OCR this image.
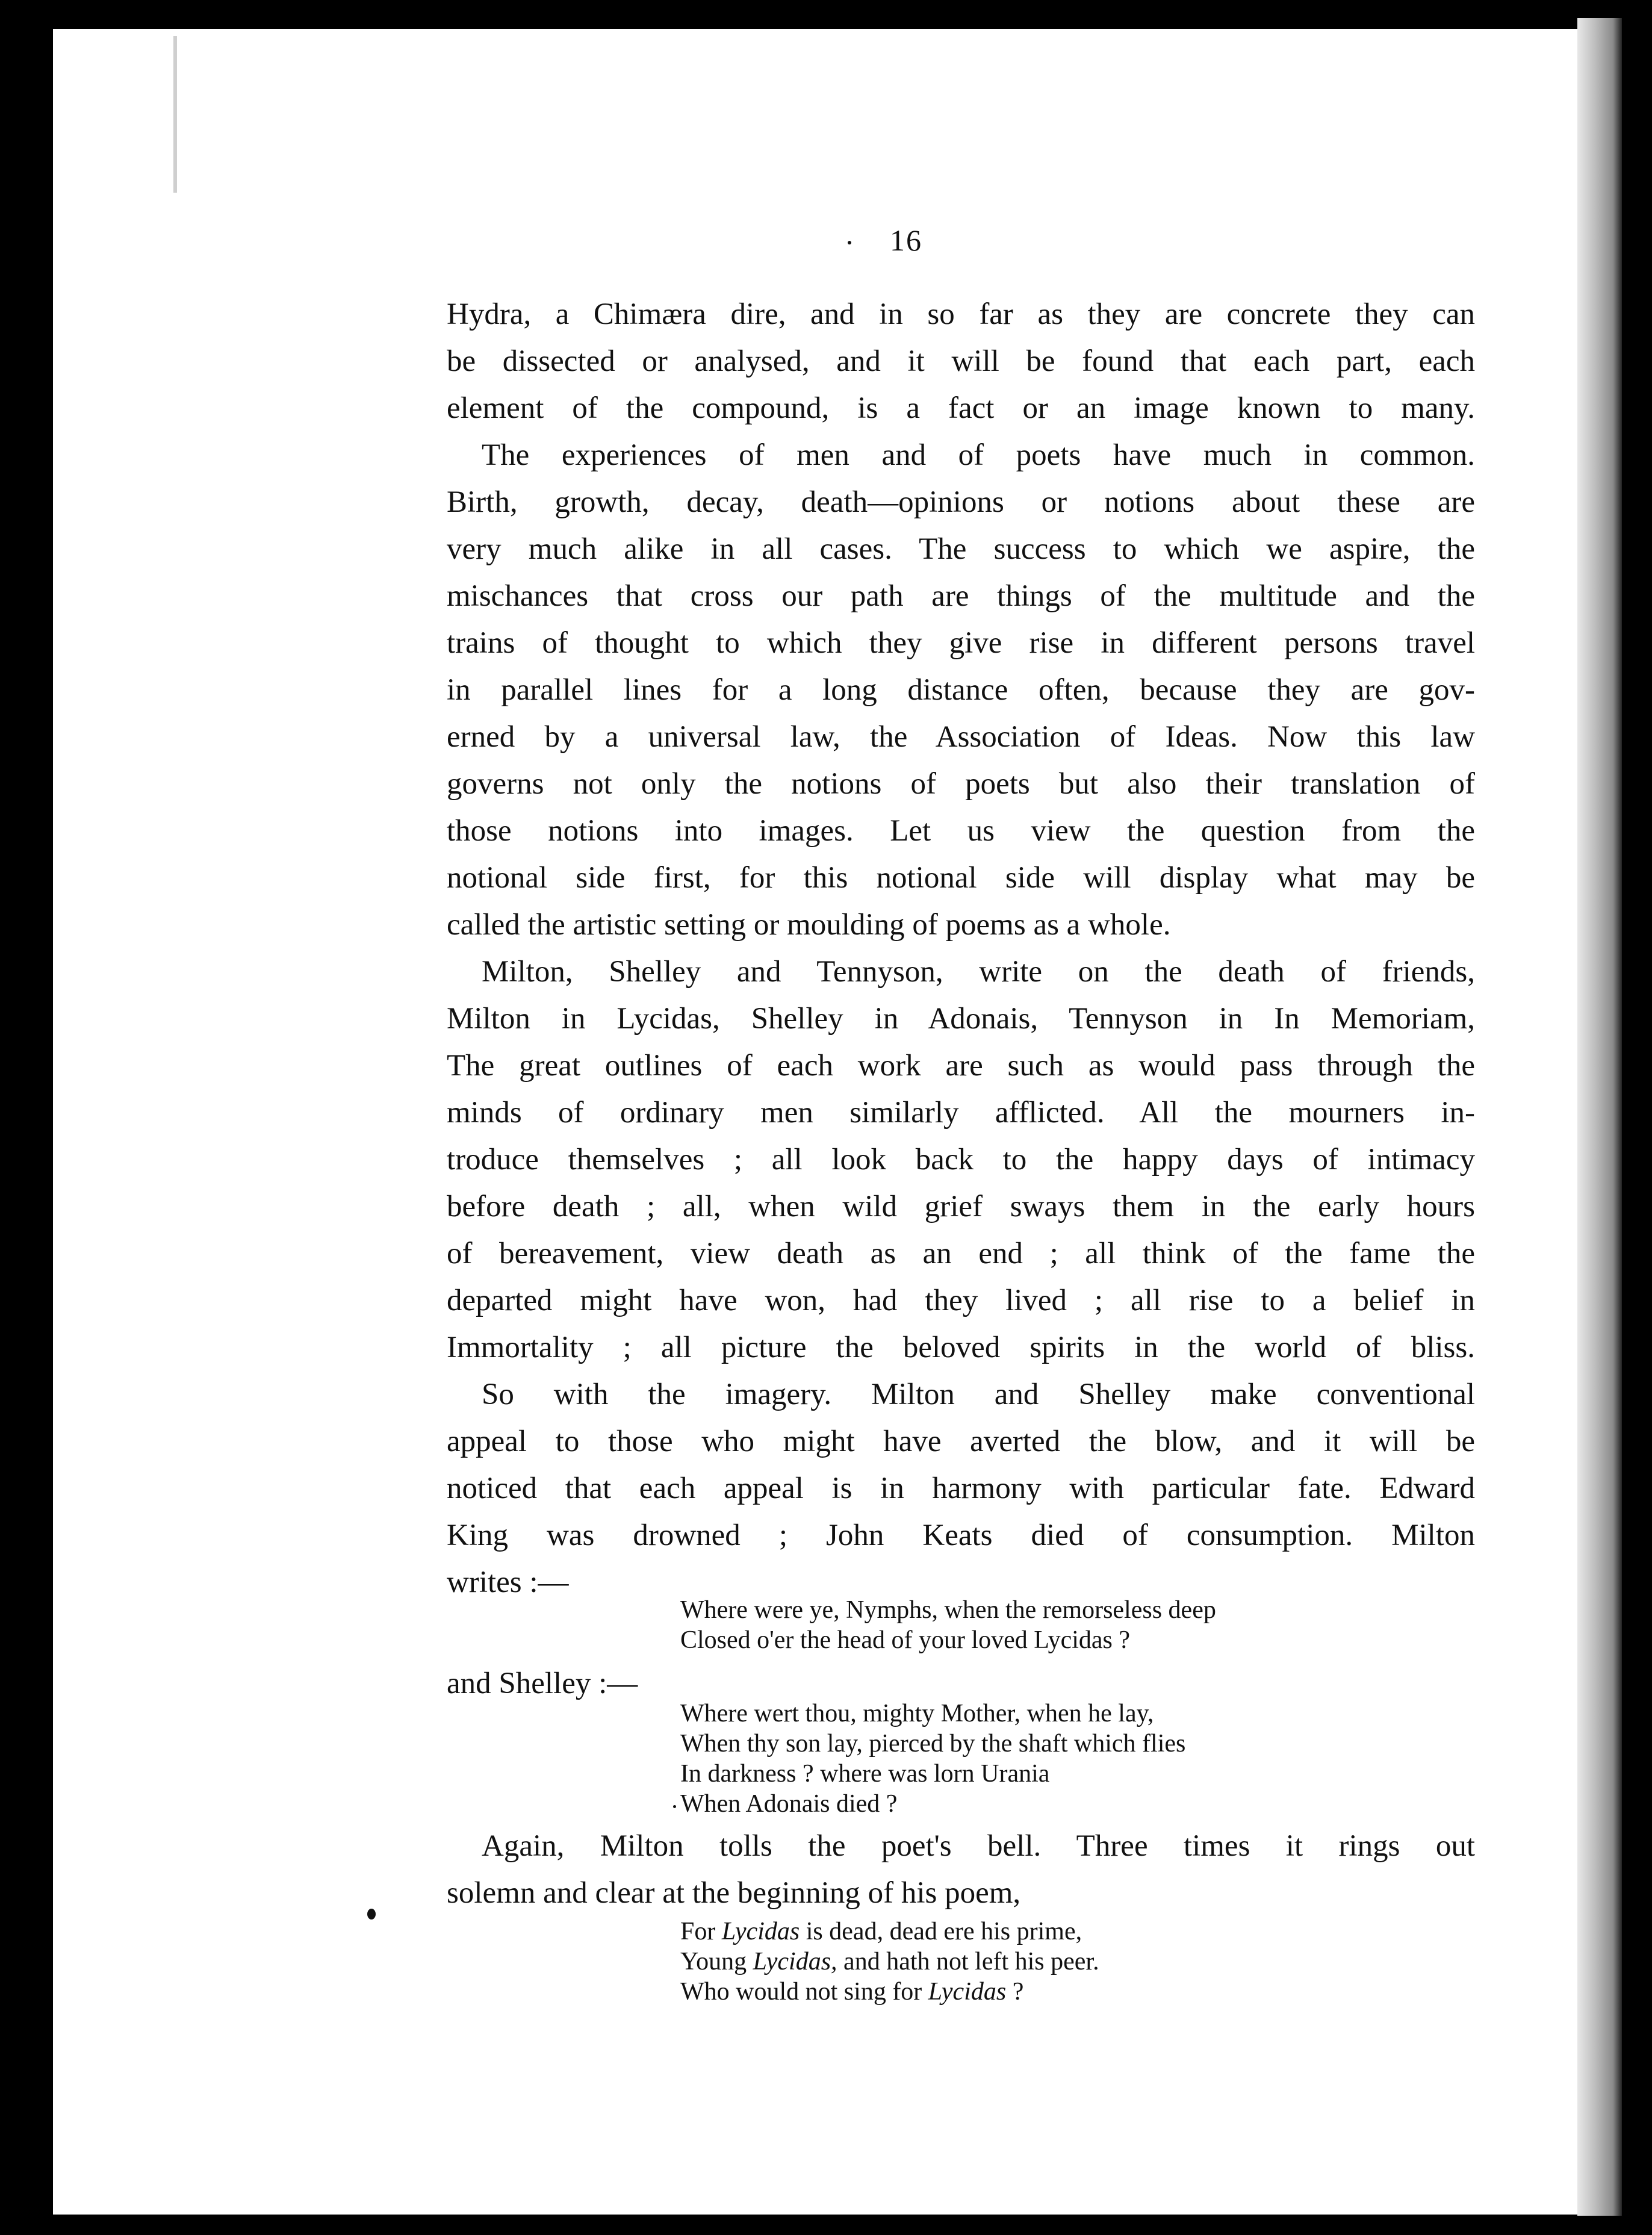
16
Hydra, a Chimæra dire, and in so far as they are concrete they can
be dissected or analysed, and it will be found that each part, each
element of the compound, is a fact or an image known to many.
The experiences of men and of poets have much in common.
Birth, growth, decay, death—opinions or notions about these are
very much alike in all cases. The success to which we aspire, the
mischances that cross our path are things of the multitude and the
trains of thought to which they give rise in different persons travel
in parallel lines for a long distance often, because they are gov-
erned by a universal law, the Association of Ideas. Now this law
governs not only the notions of poets but also their translation of
those notions into images. Let us view the question from the
notional side first, for this notional side will display what may be
called the artistic setting or moulding of poems as a whole.
Milton, Shelley and Tennyson, write on the death of friends,
Milton in Lycidas, Shelley in Adonais, Tennyson in In Memoriam,
The great outlines of each work are such as would pass through the
minds of ordinary men similarly afflicted. All the mourners in-
troduce themselves ; all look back to the happy days of intimacy
before death ; all, when wild grief sways them in the early hours
of bereavement, view death as an end ; all think of the fame the
departed might have won, had they lived ; all rise to a belief in
Immortality ; all picture the beloved spirits in the world of bliss.
So with the imagery. Milton and Shelley make conventional
appeal to those who might have averted the blow, and it will be
noticed that each appeal is in harmony with particular fate. Edward
King was drowned ; John Keats died of consumption. Milton
writes :—
Where were ye, Nymphs, when the remorseless deep
Closed o'er the head of your loved Lycidas ?
and Shelley :—
Where wert thou, mighty Mother, when he lay,
When thy son lay, pierced by the shaft which flies
In darkness ? where was lorn Urania
When Adonais died ?
Again, Milton tolls the poet's bell. Three times it rings out
solemn and clear at the beginning of his poem,
For Lycidas is dead, dead ere his prime,
Young Lycidas, and hath not left his peer.
Who would not sing for Lycidas ?
